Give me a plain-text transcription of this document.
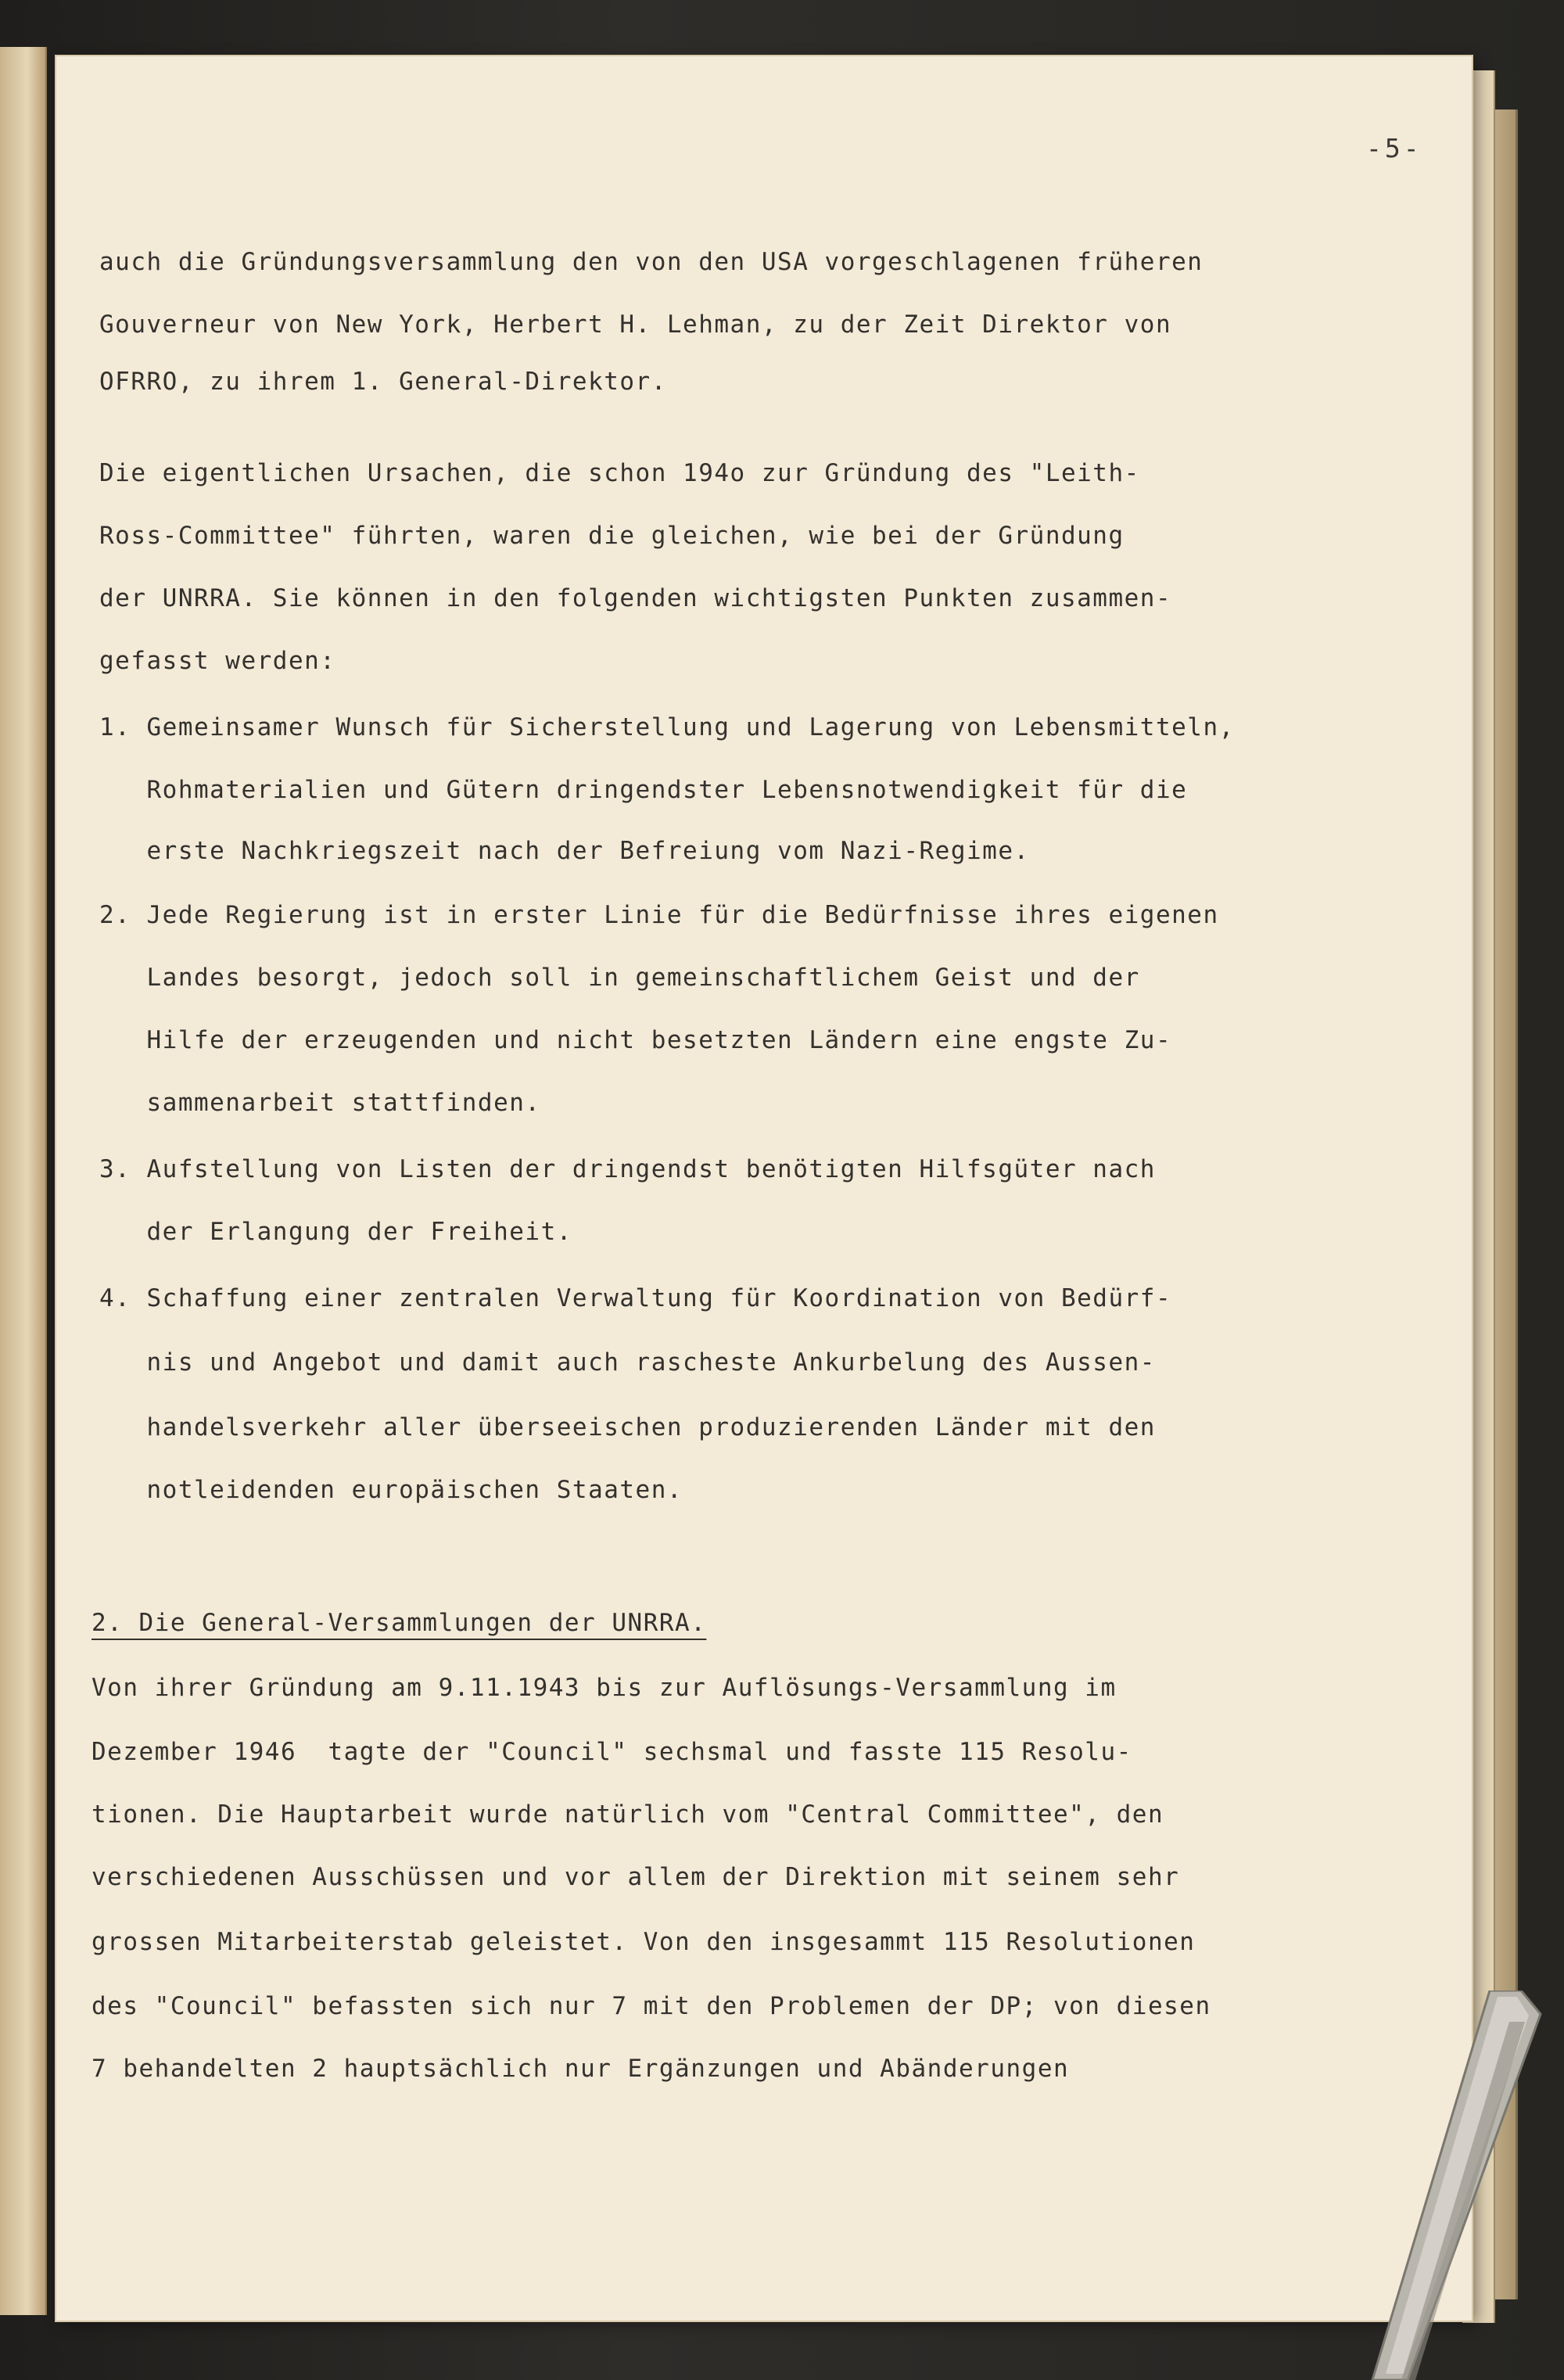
-5-
auch die Gründungsversammlung den von den USA vorgeschlagenen früheren
Gouverneur von New York, Herbert H. Lehman, zu der Zeit Direktor von
OFRRO, zu ihrem 1. General-Direktor.
Die eigentlichen Ursachen, die schon 194o zur Gründung des "Leith-
Ross-Committee" führten, waren die gleichen, wie bei der Gründung
der UNRRA. Sie können in den folgenden wichtigsten Punkten zusammen-
gefasst werden:
1. Gemeinsamer Wunsch für Sicherstellung und Lagerung von Lebensmitteln,
Rohmaterialien und Gütern dringendster Lebensnotwendigkeit für die
erste Nachkriegszeit nach der Befreiung vom Nazi-Regime.
2. Jede Regierung ist in erster Linie für die Bedürfnisse ihres eigenen
Landes besorgt, jedoch soll in gemeinschaftlichem Geist und der
Hilfe der erzeugenden und nicht besetzten Ländern eine engste Zu-
sammenarbeit stattfinden.
3. Aufstellung von Listen der dringendst benötigten Hilfsgüter nach
der Erlangung der Freiheit.
4. Schaffung einer zentralen Verwaltung für Koordination von Bedürf-
nis und Angebot und damit auch rascheste Ankurbelung des Aussen-
handelsverkehr aller überseeischen produzierenden Länder mit den
notleidenden europäischen Staaten.
2. Die General-Versammlungen der UNRRA.
Von ihrer Gründung am 9.11.1943 bis zur Auflösungs-Versammlung im
Dezember 1946  tagte der "Council" sechsmal und fasste 115 Resolu-
tionen. Die Hauptarbeit wurde natürlich vom "Central Committee", den
verschiedenen Ausschüssen und vor allem der Direktion mit seinem sehr
grossen Mitarbeiterstab geleistet. Von den insgesammt 115 Resolutionen
des "Council" befassten sich nur 7 mit den Problemen der DP; von diesen
7 behandelten 2 hauptsächlich nur Ergänzungen und Abänderungen
